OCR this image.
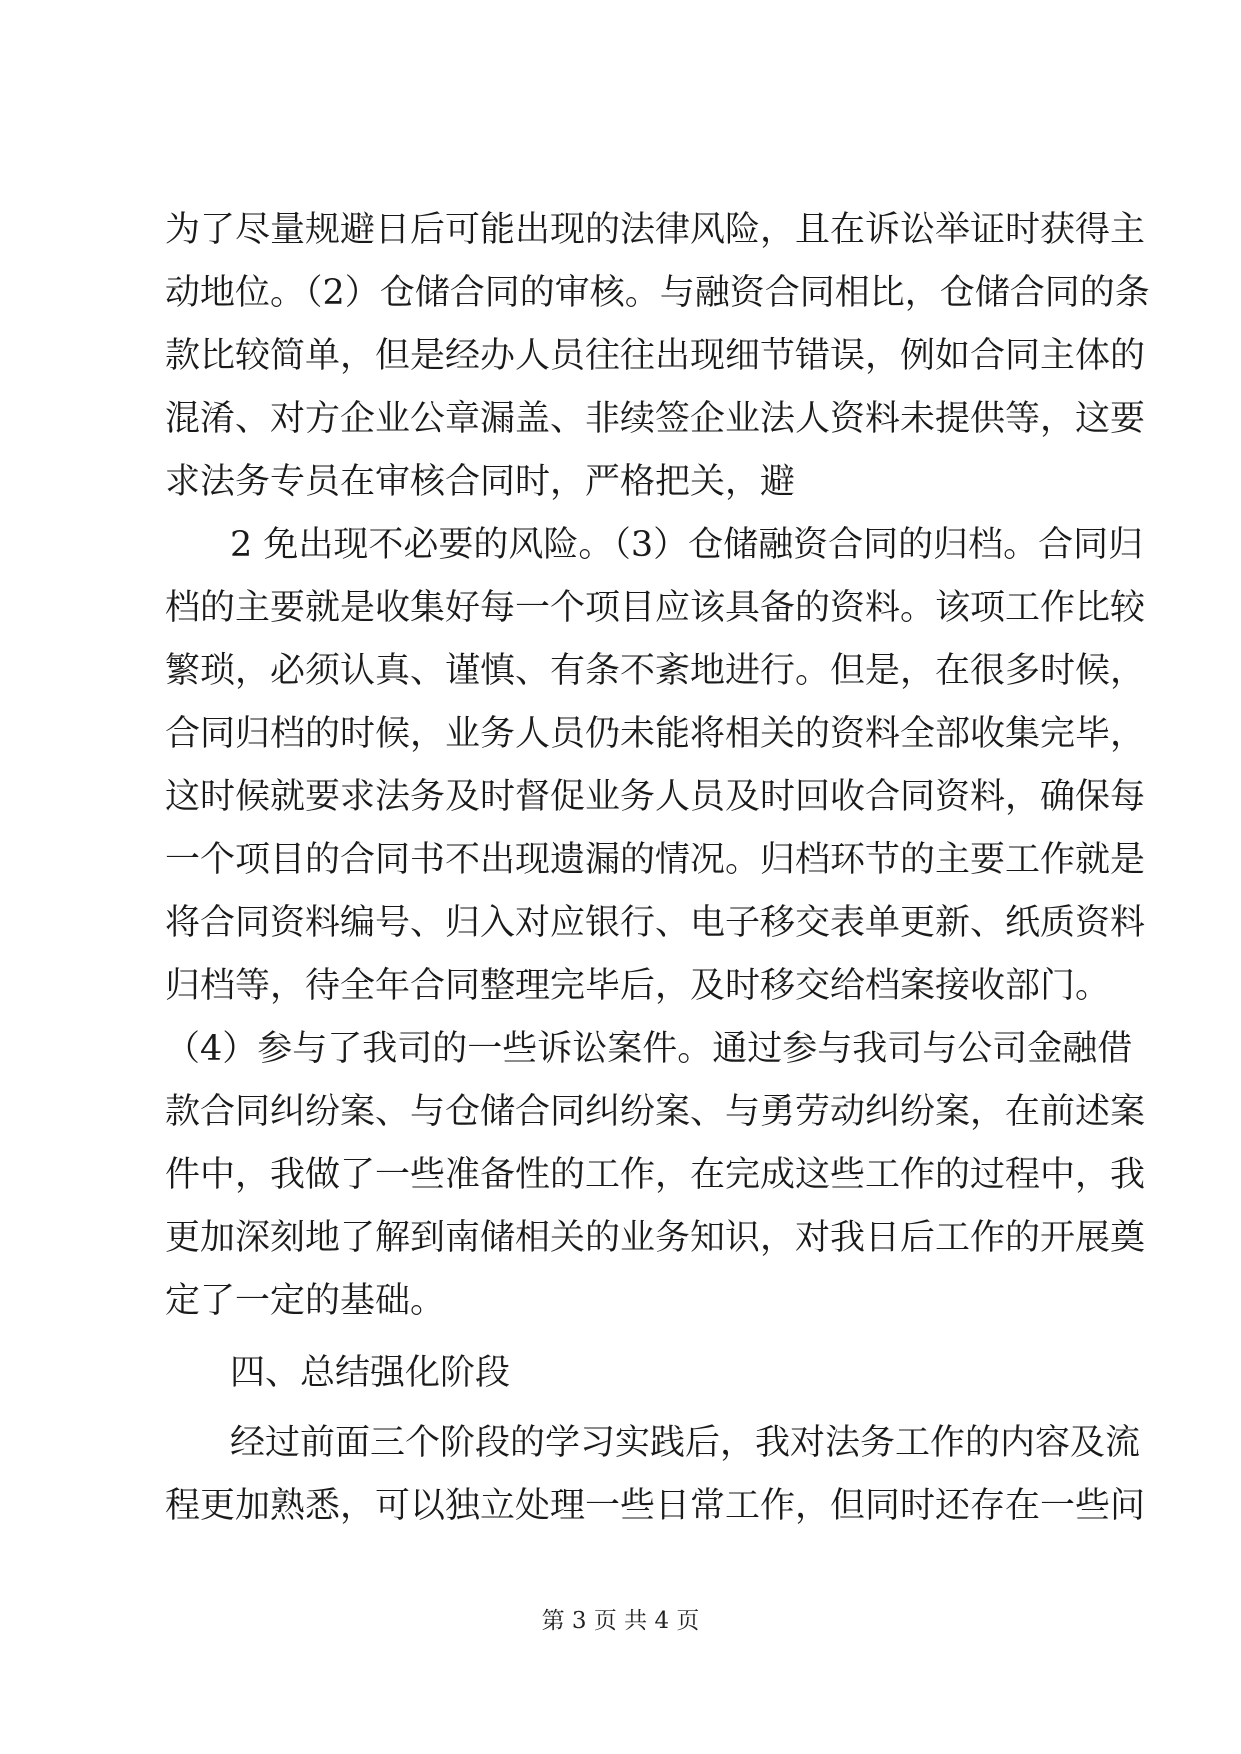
为了尽量规避日后可能出现的法律风险，且在诉讼举证时获得主
动地位。（2）仓储合同的审核。与融资合同相比，仓储合同的条
款比较简单，但是经办人员往往出现细节错误，例如合同主体的
混淆、对方企业公章漏盖、非续签企业法人资料未提供等，这要
求法务专员在审核合同时，严格把关，避
2 免出现不必要的风险。（3）仓储融资合同的归档。合同归
档的主要就是收集好每一个项目应该具备的资料。该项工作比较
繁琐，必须认真、谨慎、有条不紊地进行。但是，在很多时候，
合同归档的时候，业务人员仍未能将相关的资料全部收集完毕，
这时候就要求法务及时督促业务人员及时回收合同资料，确保每
一个项目的合同书不出现遗漏的情况。归档环节的主要工作就是
将合同资料编号、归入对应银行、电子移交表单更新、纸质资料
归档等，待全年合同整理完毕后，及时移交给档案接收部门。
（4）参与了我司的一些诉讼案件。通过参与我司与公司金融借
款合同纠纷案、与仓储合同纠纷案、与勇劳动纠纷案，在前述案
件中，我做了一些准备性的工作，在完成这些工作的过程中，我
更加深刻地了解到南储相关的业务知识，对我日后工作的开展奠
定了一定的基础。
四、总结强化阶段
经过前面三个阶段的学习实践后，我对法务工作的内容及流
程更加熟悉，可以独立处理一些日常工作，但同时还存在一些问
第 3 页 共 4 页
